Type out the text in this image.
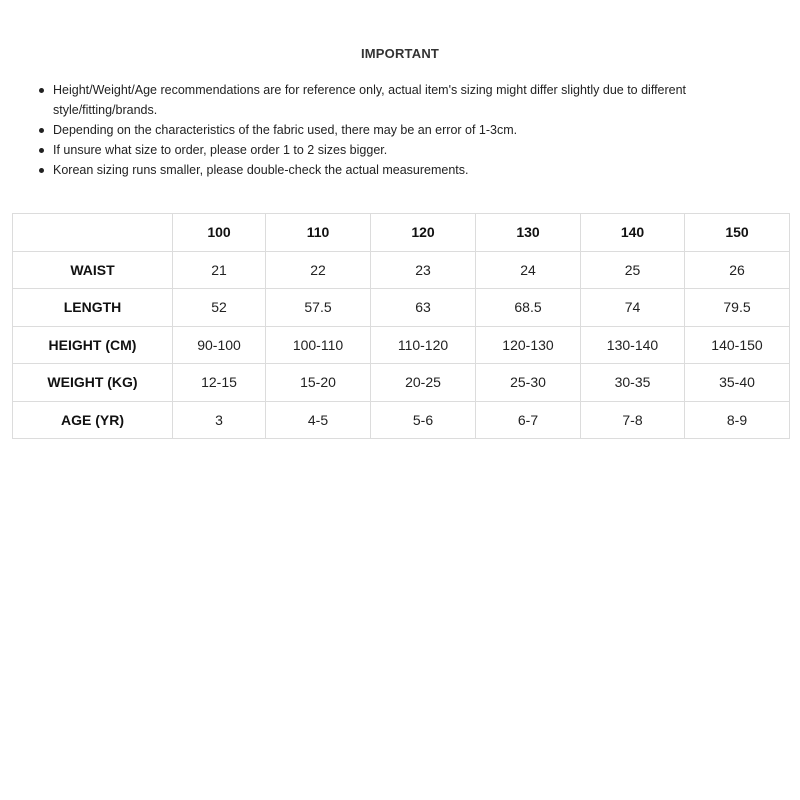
IMPORTANT
Height/Weight/Age recommendations are for reference only, actual item's sizing might differ slightly due to different style/fitting/brands.
Depending on the characteristics of the fabric used, there may be an error of 1-3cm.
If unsure what size to order, please order 1 to 2 sizes bigger.
Korean sizing runs smaller, please double-check the actual measurements.
	100	110	120	130	140	150
WAIST	21	22	23	24	25	26
LENGTH	52	57.5	63	68.5	74	79.5
HEIGHT (CM)	90-100	100-110	110-120	120-130	130-140	140-150
WEIGHT (KG)	12-15	15-20	20-25	25-30	30-35	35-40
AGE (YR)	3	4-5	5-6	6-7	7-8	8-9
